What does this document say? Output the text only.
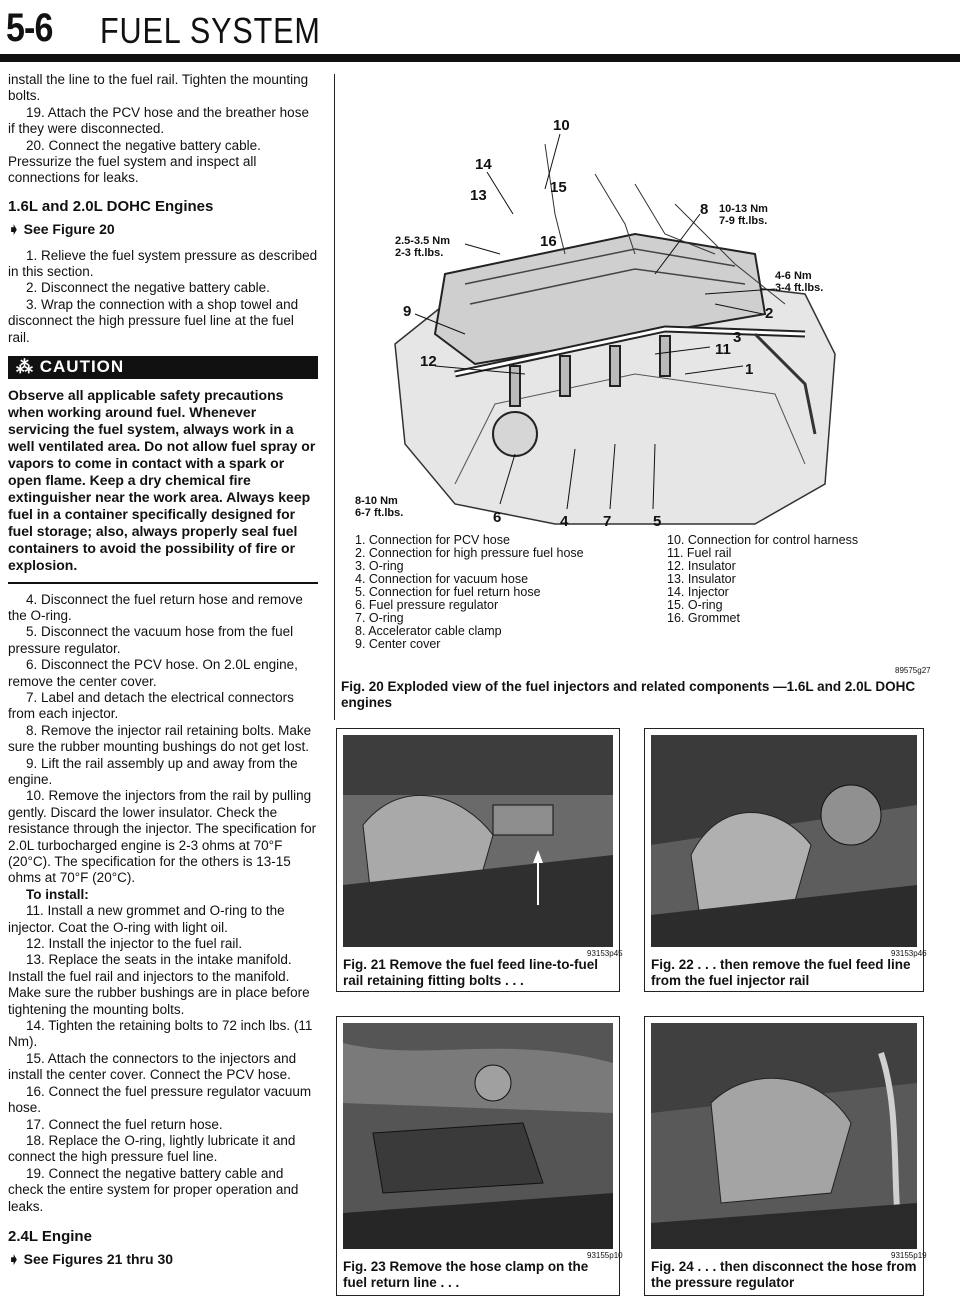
5-6 FUEL SYSTEM

install the line to the fuel rail. Tighten the mounting bolts.

19. Attach the PCV hose and the breather hose if they were disconnected.

20. Connect the negative battery cable. Pressurize the fuel system and inspect all connections for leaks.

1.6L and 2.0L DOHC Engines
➧ See Figure 20

1. Relieve the fuel system pressure as described in this section.

2. Disconnect the negative battery cable.

3. Wrap the connection with a shop towel and disconnect the high pressure fuel line at the fuel rail.

⁂ CAUTION
Observe all applicable safety precautions when working around fuel. Whenever servicing the fuel system, always work in a well ventilated area. Do not allow fuel spray or vapors to come in contact with a spark or open flame. Keep a dry chemical fire extinguisher near the work area. Always keep fuel in a container specifically designed for fuel storage; also, always properly seal fuel containers to avoid the possibility of fire or explosion.

4. Disconnect the fuel return hose and remove the O-ring.

5. Disconnect the vacuum hose from the fuel pressure regulator.

6. Disconnect the PCV hose. On 2.0L engine, remove the center cover.

7. Label and detach the electrical connectors from each injector.

8. Remove the injector rail retaining bolts. Make sure the rubber mounting bushings do not get lost.

9. Lift the rail assembly up and away from the engine.

10. Remove the injectors from the rail by pulling gently. Discard the lower insulator. Check the resistance through the injector. The specification for 2.0L turbocharged engine is 2-3 ohms at 70°F (20°C). The specification for the others is 13-15 ohms at 70°F (20°C).

To install:

11. Install a new grommet and O-ring to the injector. Coat the O-ring with light oil.

12. Install the injector to the fuel rail.

13. Replace the seats in the intake manifold. Install the fuel rail and injectors to the manifold. Make sure the rubber bushings are in place before tightening the mounting bolts.

14. Tighten the retaining bolts to 72 inch lbs. (11 Nm).

15. Attach the connectors to the injectors and install the center cover. Connect the PCV hose.

16. Connect the fuel pressure regulator vacuum hose.

17. Connect the fuel return hose.

18. Replace the O-ring, lightly lubricate it and connect the high pressure fuel line.

19. Connect the negative battery cable and check the entire system for proper operation and leaks.

2.4L Engine
➧ See Figures 21 thru 30
10
14
13	15
16
8
9
12
11
2
3
1
6	4 7	5
10-13 Nm
7-9 ft.lbs.
2.5-3.5 Nm
2-3 ft.lbs.
4-6 Nm
3-4 ft.lbs.
8-10 Nm
6-7 ft.lbs.
1. Connection for PCV hose
2. Connection for high pressure fuel hose
3. O-ring
4. Connection for vacuum hose
5. Connection for fuel return hose
6. Fuel pressure regulator
7. O-ring
8. Accelerator cable clamp
9. Center cover
10. Connection for control harness
11. Fuel rail
12. Insulator
13. Insulator
14. Injector
15. O-ring
16. Grommet
89575g27
Fig. 20 Exploded view of the fuel injectors and related components —1.6L and 2.0L DOHC engines
93153p45
Fig. 21 Remove the fuel feed line-to-fuel rail retaining fitting bolts . . .
93153p46
Fig. 22 . . . then remove the fuel feed line from the fuel injector rail
93155p10
Fig. 23 Remove the hose clamp on the fuel return line . . .
93155p19
Fig. 24 . . . then disconnect the hose from the pressure regulator
